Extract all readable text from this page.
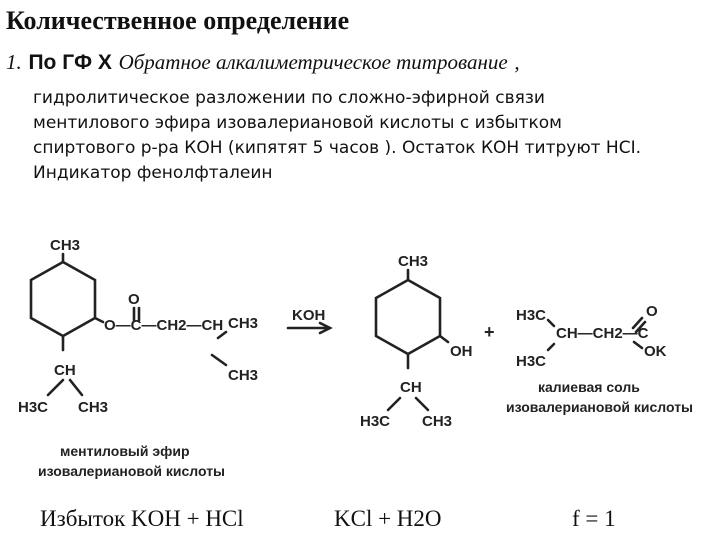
Количественное определение
1. По ГФ Х Обратное алкалиметрическое титрование ,
гидролитическое разложении по сложно-эфирной связи
ментилового эфира изовалериановой кислоты с избытком
спиртового р-ра КОН (кипятят 5 часов ). Остаток КОН титруют HCI.
Индикатор фенолфталеин
CH3
O
O—C—CH2—CH CH3
CH3
CH
H3C CH3
ментиловый эфир
изовалериановой кислоты
KOH
CH3
OH
CH
H3C CH3
+
H3C
CH—CH2—C
O
OK
H3C
калиевая соль
изовалериановой кислоты
Избыток KOH + HCl	KCl + H2O	f = 1
